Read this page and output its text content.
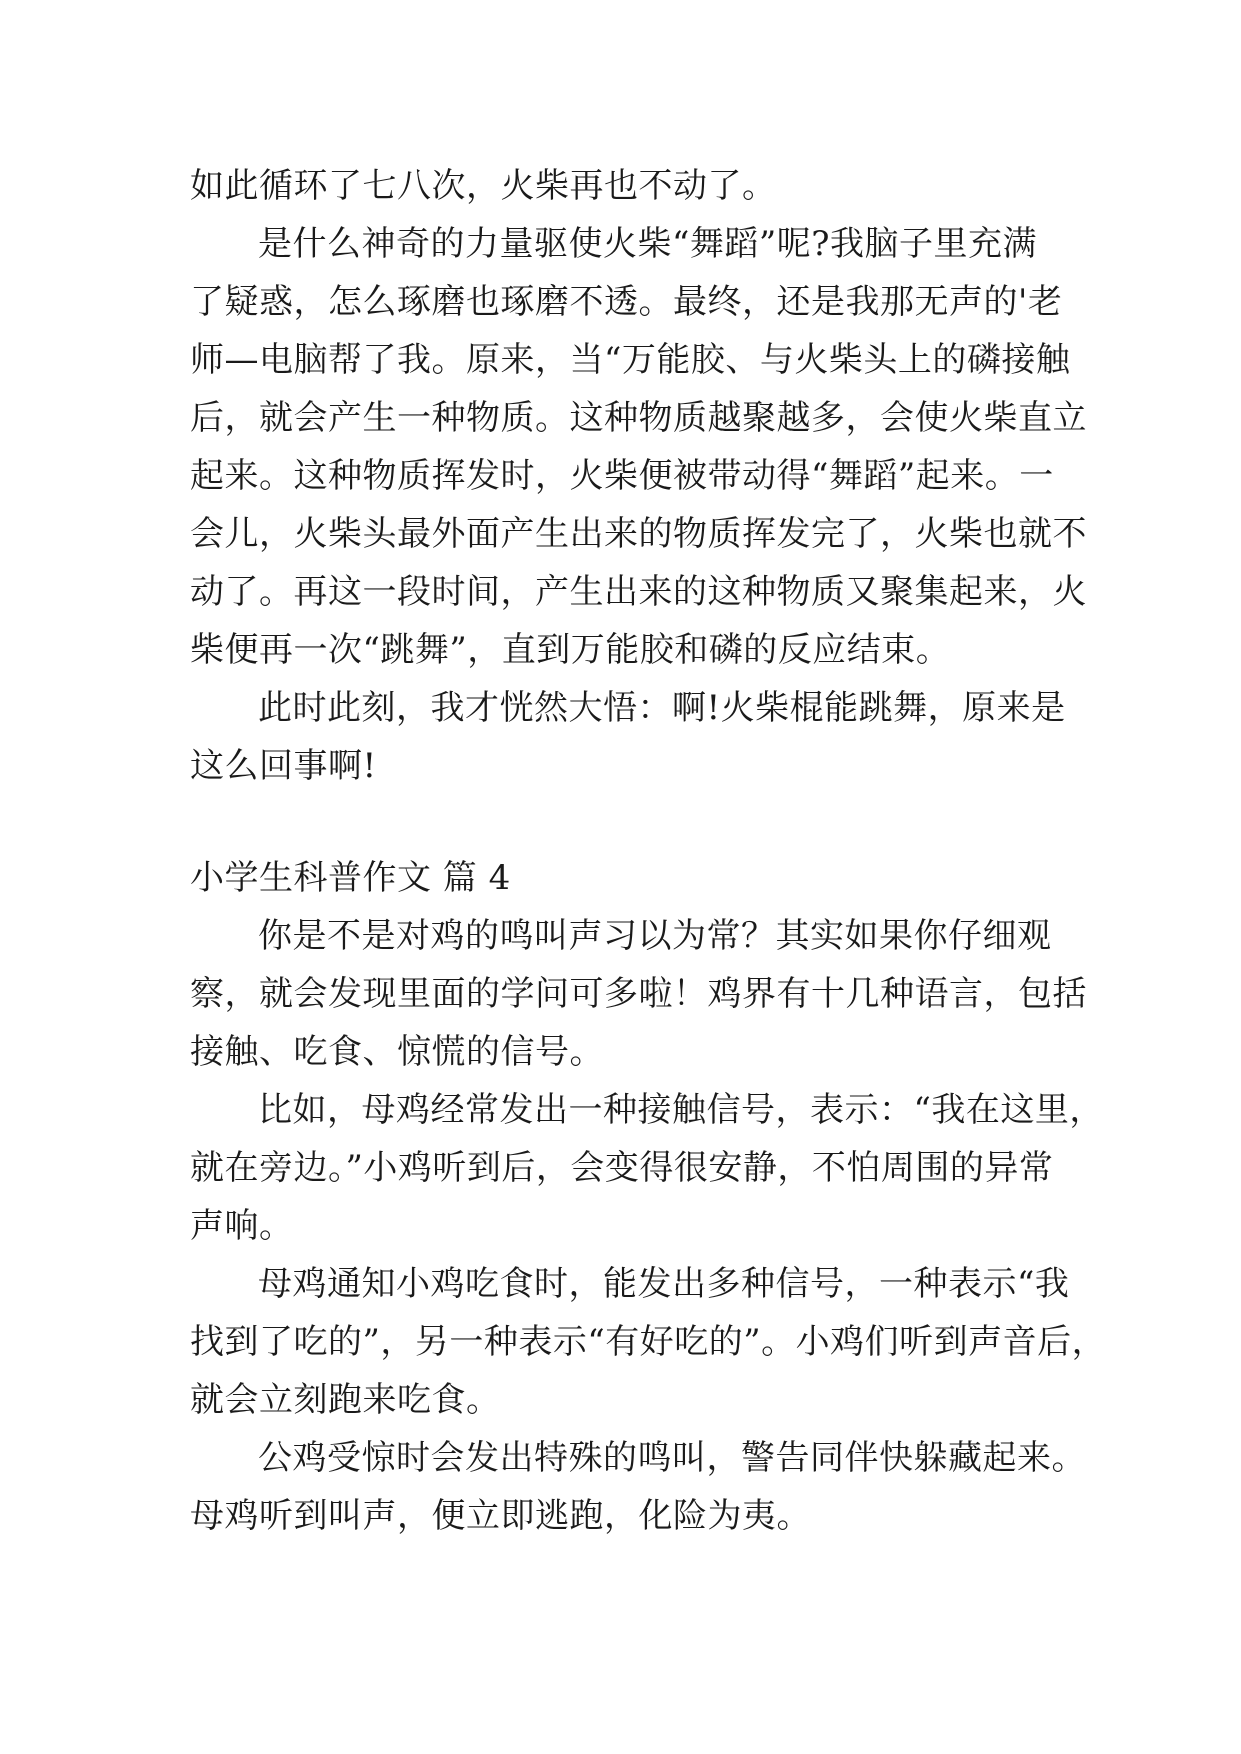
如此循环了七八次，火柴再也不动了。
是什么神奇的力量驱使火柴“舞蹈”呢?我脑子里充满
了疑惑，怎么琢磨也琢磨不透。最终，还是我那无声的'老
师—电脑帮了我。原来，当“万能胶、与火柴头上的磷接触
后，就会产生一种物质。这种物质越聚越多，会使火柴直立
起来。这种物质挥发时，火柴便被带动得“舞蹈”起来。一
会儿，火柴头最外面产生出来的物质挥发完了，火柴也就不
动了。再这一段时间，产生出来的这种物质又聚集起来，火
柴便再一次“跳舞”，直到万能胶和磷的反应结束。
此时此刻，我才恍然大悟：啊!火柴棍能跳舞，原来是
这么回事啊!
小学生科普作文 篇 4
你是不是对鸡的鸣叫声习以为常？其实如果你仔细观
察，就会发现里面的学问可多啦！鸡界有十几种语言，包括
接触、吃食、惊慌的信号。
比如，母鸡经常发出一种接触信号，表示：“我在这里，
就在旁边。”小鸡听到后，会变得很安静，不怕周围的异常
声响。
母鸡通知小鸡吃食时，能发出多种信号，一种表示“我
找到了吃的”，另一种表示“有好吃的”。小鸡们听到声音后，
就会立刻跑来吃食。
公鸡受惊时会发出特殊的鸣叫，警告同伴快躲藏起来。
母鸡听到叫声，便立即逃跑，化险为夷。
